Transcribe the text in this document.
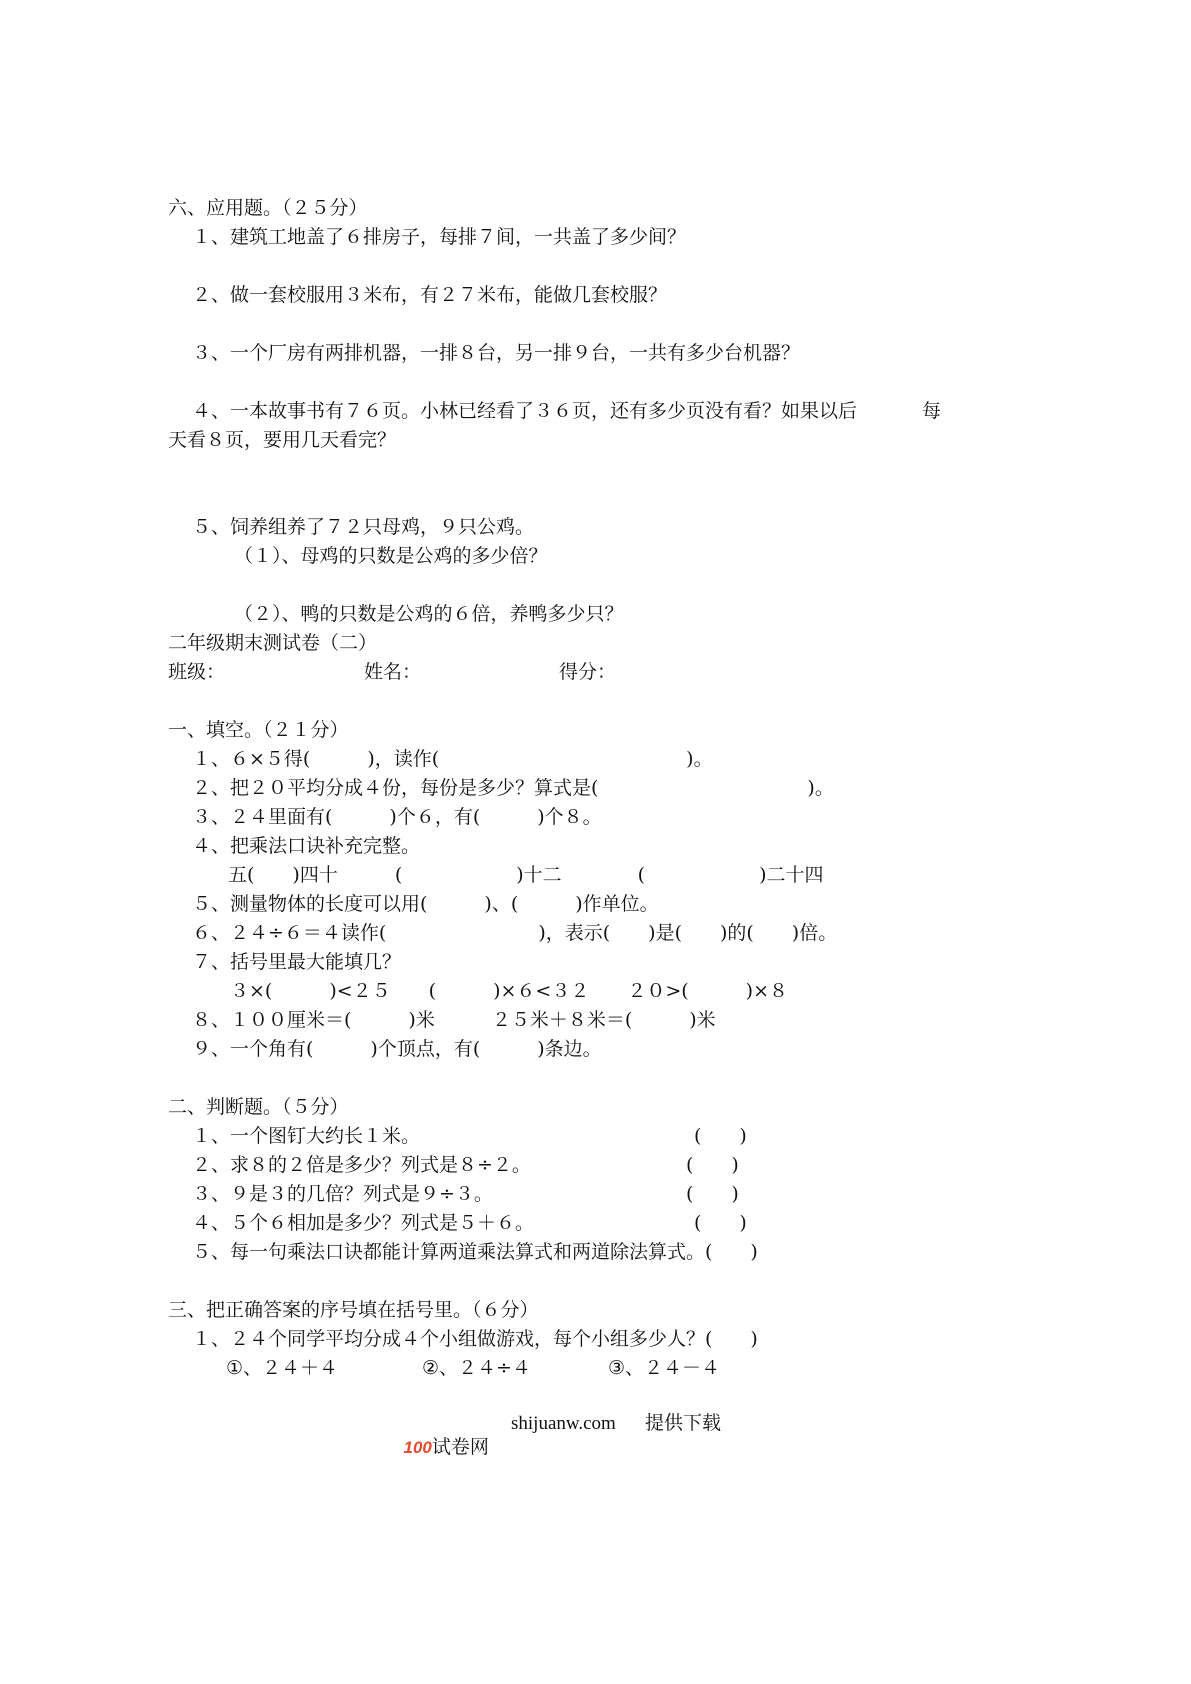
六、应用题。（２５分）
１、建筑工地盖了６排房子，每排７间，一共盖了多少间？
２、做一套校服用３米布，有２７米布，能做几套校服？
３、一个厂房有两排机器，一排８台，另一排９台，一共有多少台机器？
４、一本故事书有７６页。小林已经看了３６页，还有多少页没有看？如果以后	每
天看８页，要用几天看完？
５、饲养组养了７２只母鸡，９只公鸡。
（１）、母鸡的只数是公鸡的多少倍？
（２）、鸭的只数是公鸡的６倍，养鸭多少只？
二年级期末测试卷（二）
班级：	姓名：	得分：
一、填空。（２１分）
１、６×５得(　　　)，读作(　　　　　　　　　　　　　)。
２、把２０平均分成４份，每份是多少？算式是(　　　　　　　　　　　)。
３、２４里面有(　　　)个６，有(　　　)个８。
４、把乘法口诀补充完整。
五(　　)四十　　　(　　　　　　)十二　　　　(　　　　　　)二十四
５、测量物体的长度可以用(　　　)、(　　　)作单位。
６、２４÷６＝４读作(　　　　　　　　)，表示(　　)是(　　)的(　　)倍。
７、括号里最大能填几？
３×(　　　)<２５　　(　　　)×６<３２　　２０>(　　　)×８
８、１００厘米＝(　　　)米　　　２５米＋８米＝(　　　)米
９、一个角有(　　　)个顶点，有(　　　)条边。
二、判断题。（５分）
１、一个图钉大约长１米。	(　　)
２、求８的２倍是多少？列式是８÷２。	(　　)
３、９是３的几倍？列式是９÷３。	(　　)
４、５个６相加是多少？列式是５＋６。	(　　)
５、每一句乘法口诀都能计算两道乘法算式和两道除法算式。(　　)
三、把正确答案的序号填在括号里。（６分）
１、２４个同学平均分成４个小组做游戏，每个小组多少人？(　　)
①、２４＋４	②、２４÷４	③、２４－４

100试卷网

shijuanw.com 提供下载
